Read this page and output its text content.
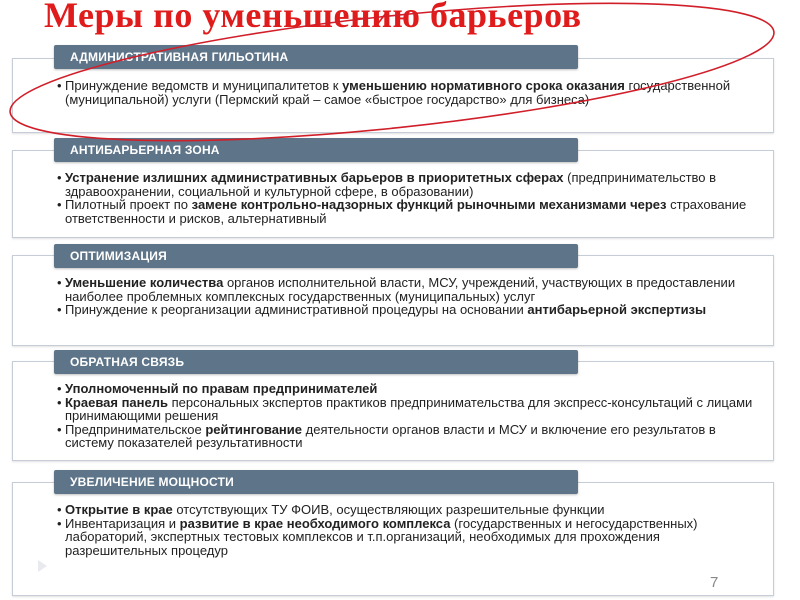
Меры по уменьшению барьеров

• Принуждение ведомств и муниципалитетов к уменьшению нормативного срока оказания государственной (муниципальной) услуги (Пермский край – самое «быстрое государство» для бизнеса)

АДМИНИСТРАТИВНАЯ ГИЛЬОТИНА

• Устранение излишних административных барьеров в приоритетных сферах (предпринимательство в здравоохранении, социальной и культурной сфере, в образовании)

• Пилотный проект по замене контрольно-надзорных функций рыночными механизмами через страхование ответственности и рисков, альтернативный

АНТИБАРЬЕРНАЯ ЗОНА

• Уменьшение количества органов исполнительной власти, МСУ, учреждений, участвующих в предоставлении наиболее проблемных комплексных государственных (муниципальных) услуг

• Принуждение к реорганизации административной процедуры на основании антибарьерной экспертизы

ОПТИМИЗАЦИЯ

• Уполномоченный по правам предпринимателей

• Краевая панель персональных экспертов практиков предпринимательства для экспресс-консультаций с лицами принимающими решения

• Предпринимательское рейтингование деятельности органов власти и МСУ и включение его результатов в систему показателей результативности

ОБРАТНАЯ СВЯЗЬ

• Открытие в крае отсутствующих ТУ ФОИВ, осуществляющих разрешительные функции

• Инвентаризация и развитие в крае необходимого комплекса (государственных и негосударственных) лабораторий, экспертных тестовых комплексов и т.п.организаций, необходимых для прохождения разрешительных процедур

УВЕЛИЧЕНИЕ МОЩНОСТИ
7
